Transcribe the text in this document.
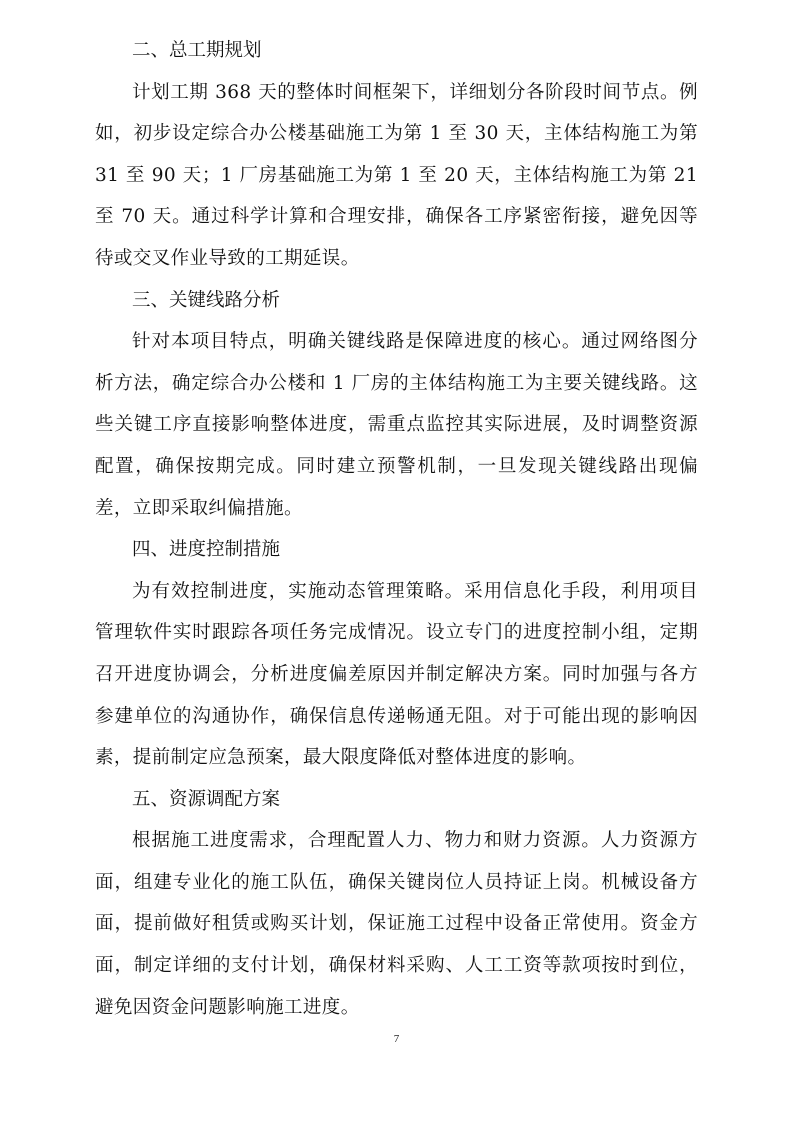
二、总工期规划

计划工期 368 天的整体时间框架下，详细划分各阶段时间节点。例如，初步设定综合办公楼基础施工为第 1 至 30 天，主体结构施工为第 31 至 90 天；1 厂房基础施工为第 1 至 20 天，主体结构施工为第 21 至 70 天。通过科学计算和合理安排，确保各工序紧密衔接，避免因等待或交叉作业导致的工期延误。

三、关键线路分析

针对本项目特点，明确关键线路是保障进度的核心。通过网络图分析方法，确定综合办公楼和 1 厂房的主体结构施工为主要关键线路。这些关键工序直接影响整体进度，需重点监控其实际进展，及时调整资源配置，确保按期完成。同时建立预警机制，一旦发现关键线路出现偏差，立即采取纠偏措施。

四、进度控制措施

为有效控制进度，实施动态管理策略。采用信息化手段，利用项目管理软件实时跟踪各项任务完成情况。设立专门的进度控制小组，定期召开进度协调会，分析进度偏差原因并制定解决方案。同时加强与各方参建单位的沟通协作，确保信息传递畅通无阻。对于可能出现的影响因素，提前制定应急预案，最大限度降低对整体进度的影响。

五、资源调配方案

根据施工进度需求，合理配置人力、物力和财力资源。人力资源方面，组建专业化的施工队伍，确保关键岗位人员持证上岗。机械设备方面，提前做好租赁或购买计划，保证施工过程中设备正常使用。资金方面，制定详细的支付计划，确保材料采购、人工工资等款项按时到位，避免因资金问题影响施工进度。

7
